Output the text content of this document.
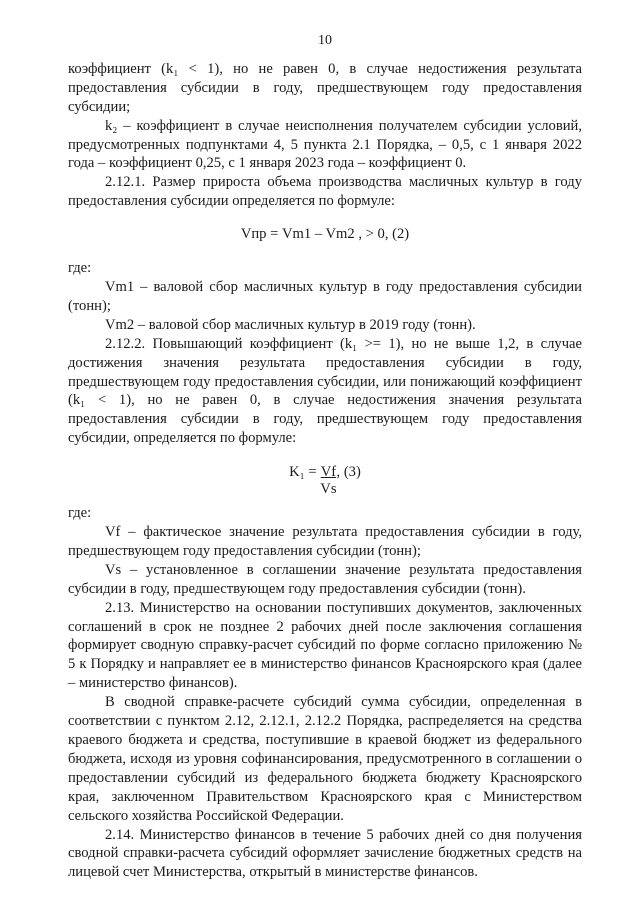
10

коэффициент (k₁ < 1), но не равен 0, в случае недостижения результата предоставления субсидии в году, предшествующем году предоставления субсидии;

k₂ – коэффициент в случае неисполнения получателем субсидии условий, предусмотренных подпунктами 4, 5 пункта 2.1 Порядка, – 0,5, с 1 января 2022 года – коэффициент 0,25, с 1 января 2023 года – коэффициент 0.

2.12.1. Размер прироста объема производства масличных культур в году предоставления субсидии определяется по формуле:

Vпр = Vm1 – Vm2 , > 0, (2)

где:

Vm1 – валовой сбор масличных культур в году предоставления субсидии (тонн);

Vm2 – валовой сбор масличных культур в 2019 году (тонн).

2.12.2. Повышающий коэффициент (k₁ >= 1), но не выше 1,2, в случае достижения значения результата предоставления субсидии в году, предшествующем году предоставления субсидии, или понижающий коэффициент (k₁ < 1), но не равен 0, в случае недостижения значения результата предоставления субсидии в году, предшествующем году предоставления субсидии, определяется по формуле:

$K_1 = \frac{Vf}{Vs}$ , (3)

где:

Vf – фактическое значение результата предоставления субсидии в году, предшествующем году предоставления субсидии (тонн);

Vs – установленное в соглашении значение результата предоставления субсидии в году, предшествующем году предоставления субсидии (тонн).

2.13. Министерство на основании поступивших документов, заключенных соглашений в срок не позднее 2 рабочих дней после заключения соглашения формирует сводную справку-расчет субсидий по форме согласно приложению № 5 к Порядку и направляет ее в министерство финансов Красноярского края (далее – министерство финансов).

В сводной справке-расчете субсидий сумма субсидии, определенная в соответствии с пунктом 2.12, 2.12.1, 2.12.2 Порядка, распределяется на средства краевого бюджета и средства, поступившие в краевой бюджет из федерального бюджета, исходя из уровня софинансирования, предусмотренного в соглашении о предоставлении субсидий из федерального бюджета бюджету Красноярского края, заключенном Правительством Красноярского края с Министерством сельского хозяйства Российской Федерации.

2.14. Министерство финансов в течение 5 рабочих дней со дня получения сводной справки-расчета субсидий оформляет зачисление бюджетных средств на лицевой счет Министерства, открытый в министерстве финансов.
